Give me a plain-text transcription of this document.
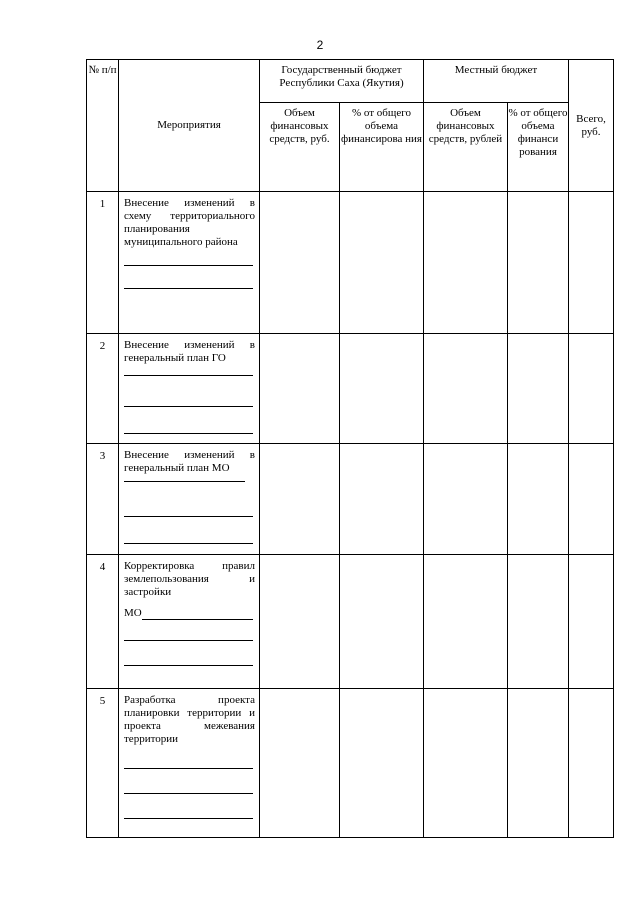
2
№ п/п	Мероприятия	Государственный бюджет Республики Саха (Якутия)		Местный бюджет		Всего, руб.
		Объем финансовых средств, руб.	% от общего объема финансирова ния	Объем финансовых средств, рублей	% от общего объема финанси рования	
1	Внесение изменений в схему территориального планирования муниципального района					

2	Внесение изменений в генеральный план ГО					

3	Внесение изменений в генеральный план МО					

4	Корректировка правил землепользования и застройки
МО					

5	Разработка проекта планировки территории и проекта межевания территории					
